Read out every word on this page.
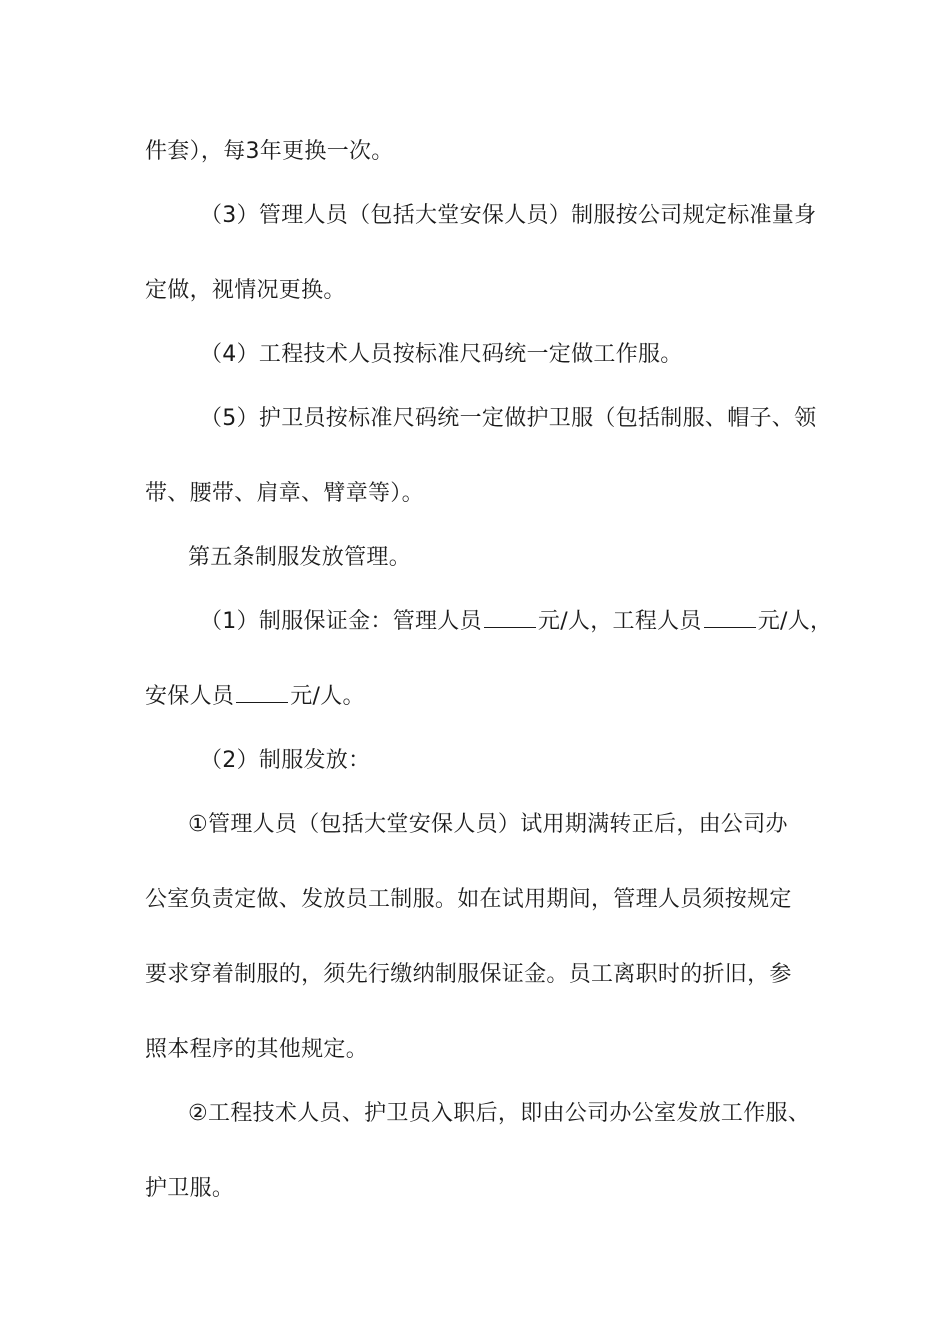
件套），每3年更换一次。
（3）管理人员（包括大堂安保人员）制服按公司规定标准量身
定做，视情况更换。
（4）工程技术人员按标准尺码统一定做工作服。
（5）护卫员按标准尺码统一定做护卫服（包括制服、帽子、领
带、腰带、肩章、臂章等）。
第五条制服发放管理。
（1）制服保证金：管理人员	元/人，工程人员	元/人，
安保人员	元/人。
（2）制服发放：
①管理人员（包括大堂安保人员）试用期满转正后，由公司办
公室负责定做、发放员工制服。如在试用期间，管理人员须按规定
要求穿着制服的，须先行缴纳制服保证金。员工离职时的折旧，参
照本程序的其他规定。
②工程技术人员、护卫员入职后，即由公司办公室发放工作服、
护卫服。
